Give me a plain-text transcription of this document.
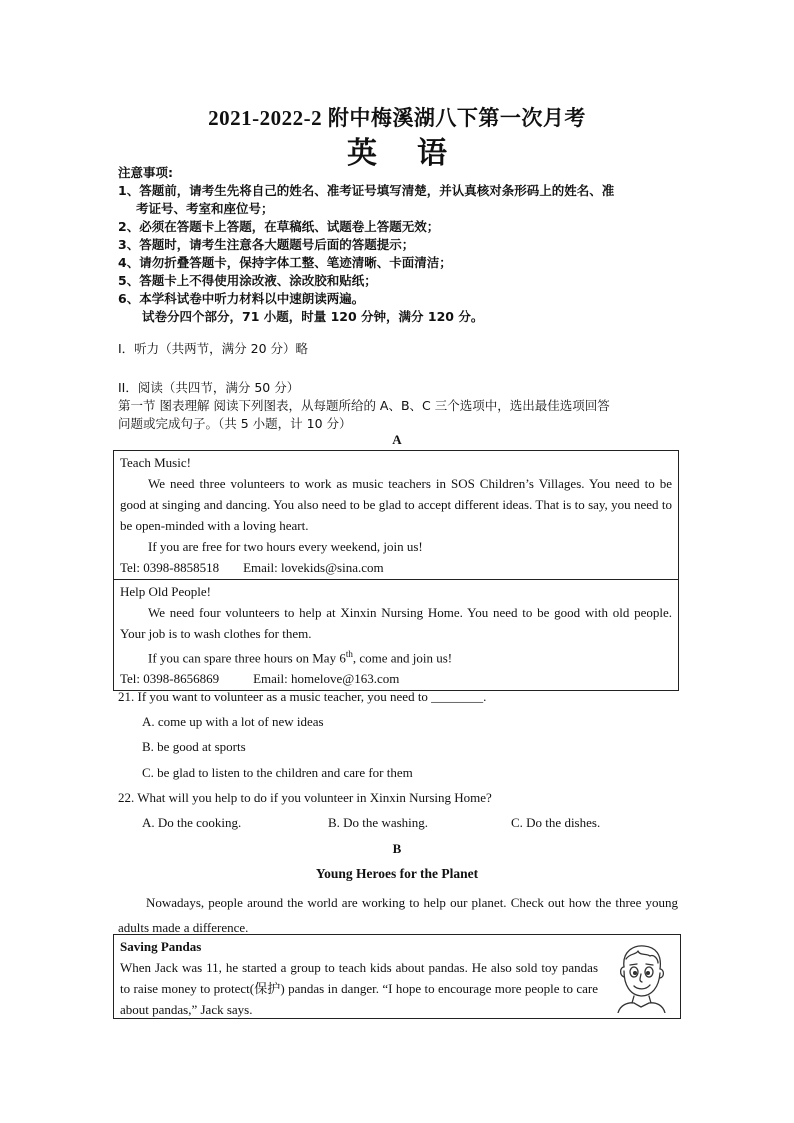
2021-2022-2 附中梅溪湖八下第一次月考
英语
注意事项:
1、答题前，请考生先将自己的姓名、准考证号填写清楚，并认真核对条形码上的姓名、准
考证号、考室和座位号；
2、必须在答题卡上答题，在草稿纸、试题卷上答题无效；
3、答题时，请考生注意各大题题号后面的答题提示；
4、请勿折叠答题卡，保持字体工整、笔迹清晰、卡面清洁；
5、答题卡上不得使用涂改液、涂改胶和贴纸；
6、本学科试卷中听力材料以中速朗读两遍。
试卷分四个部分，71 小题，时量 120 分钟，满分 120 分。
I．听力（共两节，满分 20 分）略
II．阅读（共四节，满分 50 分）
第一节 图表理解 阅读下列图表，从每题所给的 A、B、C 三个选项中，选出最佳选项回答
问题或完成句子。（共 5 小题，计 10 分）
A
Teach Music!
We need three volunteers to work as music teachers in SOS Children’s Villages. You need to be good at singing and dancing. You also need to be glad to accept different ideas. That is to say, you need to be open-minded with a loving heart.
If you are free for two hours every weekend, join us!
Tel: 0398-8858518 Email: lovekids@sina.com
Help Old People!
We need four volunteers to help at Xinxin Nursing Home. You need to be good with old people. Your job is to wash clothes for them.
If you can spare three hours on May 6th, come and join us!
Tel: 0398-8656869	Email: homelove@163.com
21. If you want to volunteer as a music teacher, you need to ________.
A. come up with a lot of new ideas
B. be good at sports
C. be glad to listen to the children and care for them
22. What will you help to do if you volunteer in Xinxin Nursing Home?
A. Do the cooking.	B. Do the washing.	C. Do the dishes.
B
Young Heroes for the Planet
Nowadays, people around the world are working to help our planet. Check out how the three young adults made a difference.
Saving Pandas
When Jack was 11, he started a group to teach kids about pandas. He also sold toy pandas to raise money to protect(保护) pandas in danger. “I hope to encourage more people to care about pandas,” Jack says.
